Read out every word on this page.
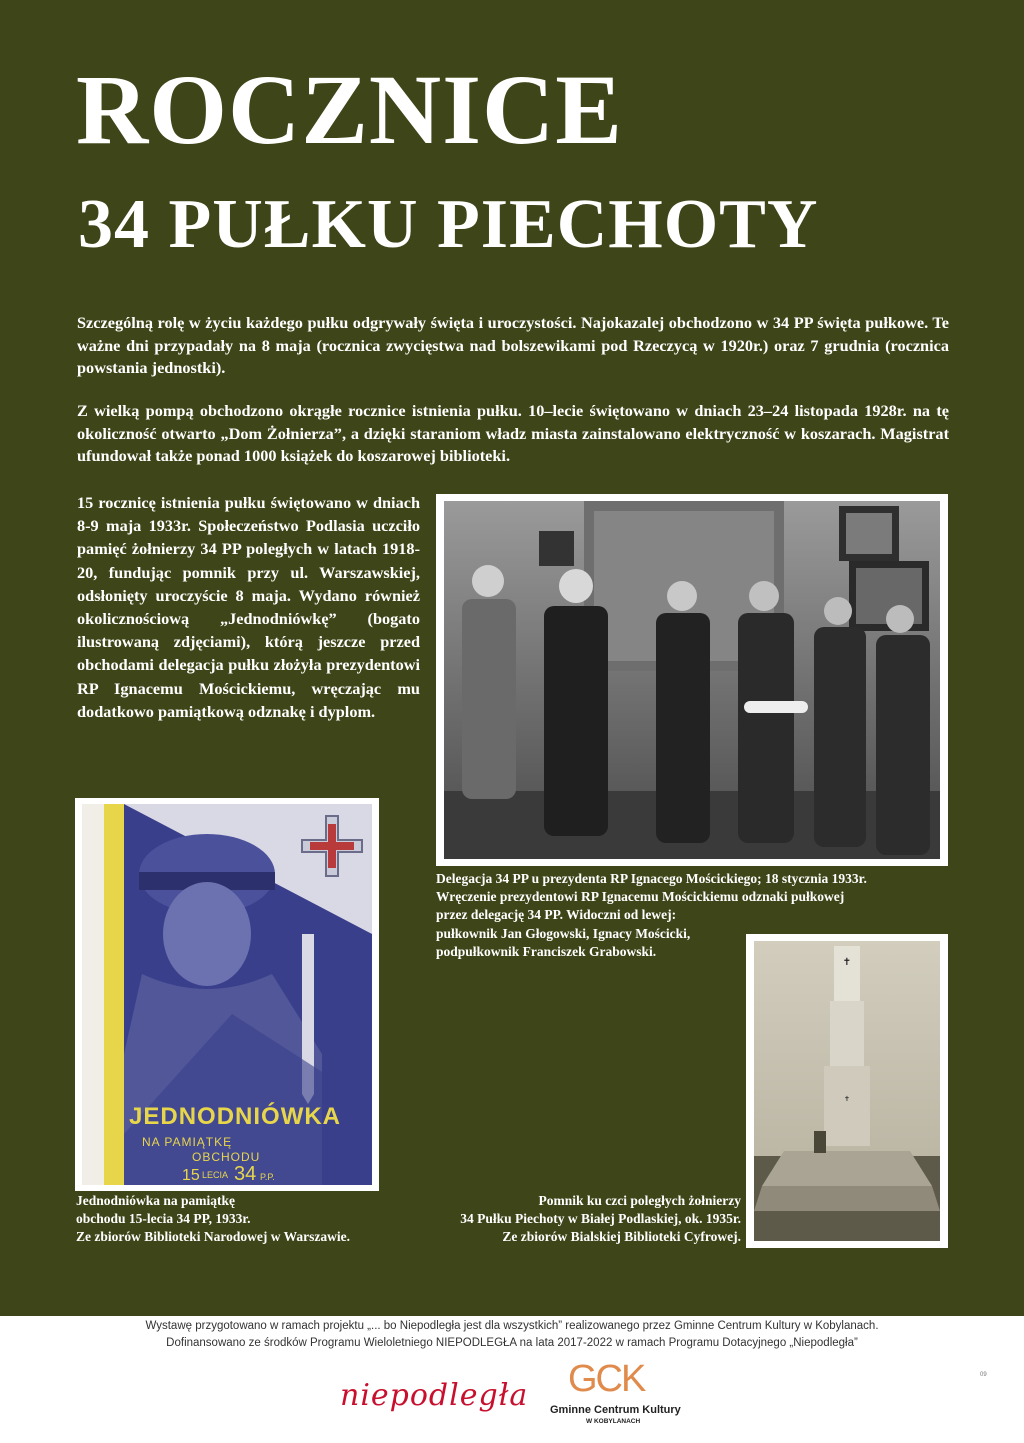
ROCZNICE
34 PUŁKU PIECHOTY
Szczególną rolę w życiu każdego pułku odgrywały święta i uroczystości. Najokazalej obchodzono w 34 PP święta pułkowe. Te ważne dni przypadały na 8 maja (rocznica zwycięstwa nad bolszewikami pod Rzeczycą w 1920r.) oraz 7 grudnia (rocznica powstania jednostki).
Z wielką pompą obchodzono okrągłe rocznice istnienia pułku. 10–lecie świętowano w dniach 23–24 listopada 1928r. na tę okoliczność otwarto „Dom Żołnierza”, a dzięki staraniom władz miasta zainstalowano elektryczność w koszarach. Magistrat ufundował także ponad 1000 książek do koszarowej biblioteki.
15 rocznicę istnienia pułku świętowano w dniach 8-9 maja 1933r. Społeczeństwo Podlasia uczciło pamięć żołnierzy 34 PP poległych w latach 1918-20, fundując pomnik przy ul. Warszawskiej, odsłonięty uroczyście 8 maja. Wydano również okolicznościową „Jednodniówkę” (bogato ilustrowaną zdjęciami), którą jeszcze przed obchodami delegacja pułku złożyła prezydentowi RP Ignacemu Mościckiemu, wręczając mu dodatkowo pamiątkową odznakę i dyplom.
Delegacja 34 PP u prezydenta RP Ignacego Mościckiego; 18 stycznia 1933r.
Wręczenie prezydentowi RP Ignacemu Mościckiemu odznaki pułkowej
przez delegację 34 PP. Widoczni od lewej:
pułkownik Jan Głogowski, Ignacy Mościcki,
podpułkownik Franciszek Grabowski.
JEDNODNIÓWKA
NA PAMIĄTKĘ
OBCHODU
15 LECIA 34 P.P.
Jednodniówka na pamiątkę
obchodu 15-lecia 34 PP, 1933r.
Ze zbiorów Biblioteki Narodowej w Warszawie.
✝
✝
Pomnik ku czci poległych żołnierzy
34 Pułku Piechoty w Białej Podlaskiej, ok. 1935r.
Ze zbiorów Bialskiej Biblioteki Cyfrowej.
Wystawę przygotowano w ramach projektu „... bo Niepodległa jest dla wszystkich” realizowanego przez Gminne Centrum Kultury w Kobylanach.
Dofinansowano ze środków Programu Wieloletniego NIEPODLEGŁA na lata 2017-2022 w ramach Programu Dotacyjnego „Niepodległa”
niepodległa GCK
Gminne Centrum Kultury
W KOBYLANACH
09
